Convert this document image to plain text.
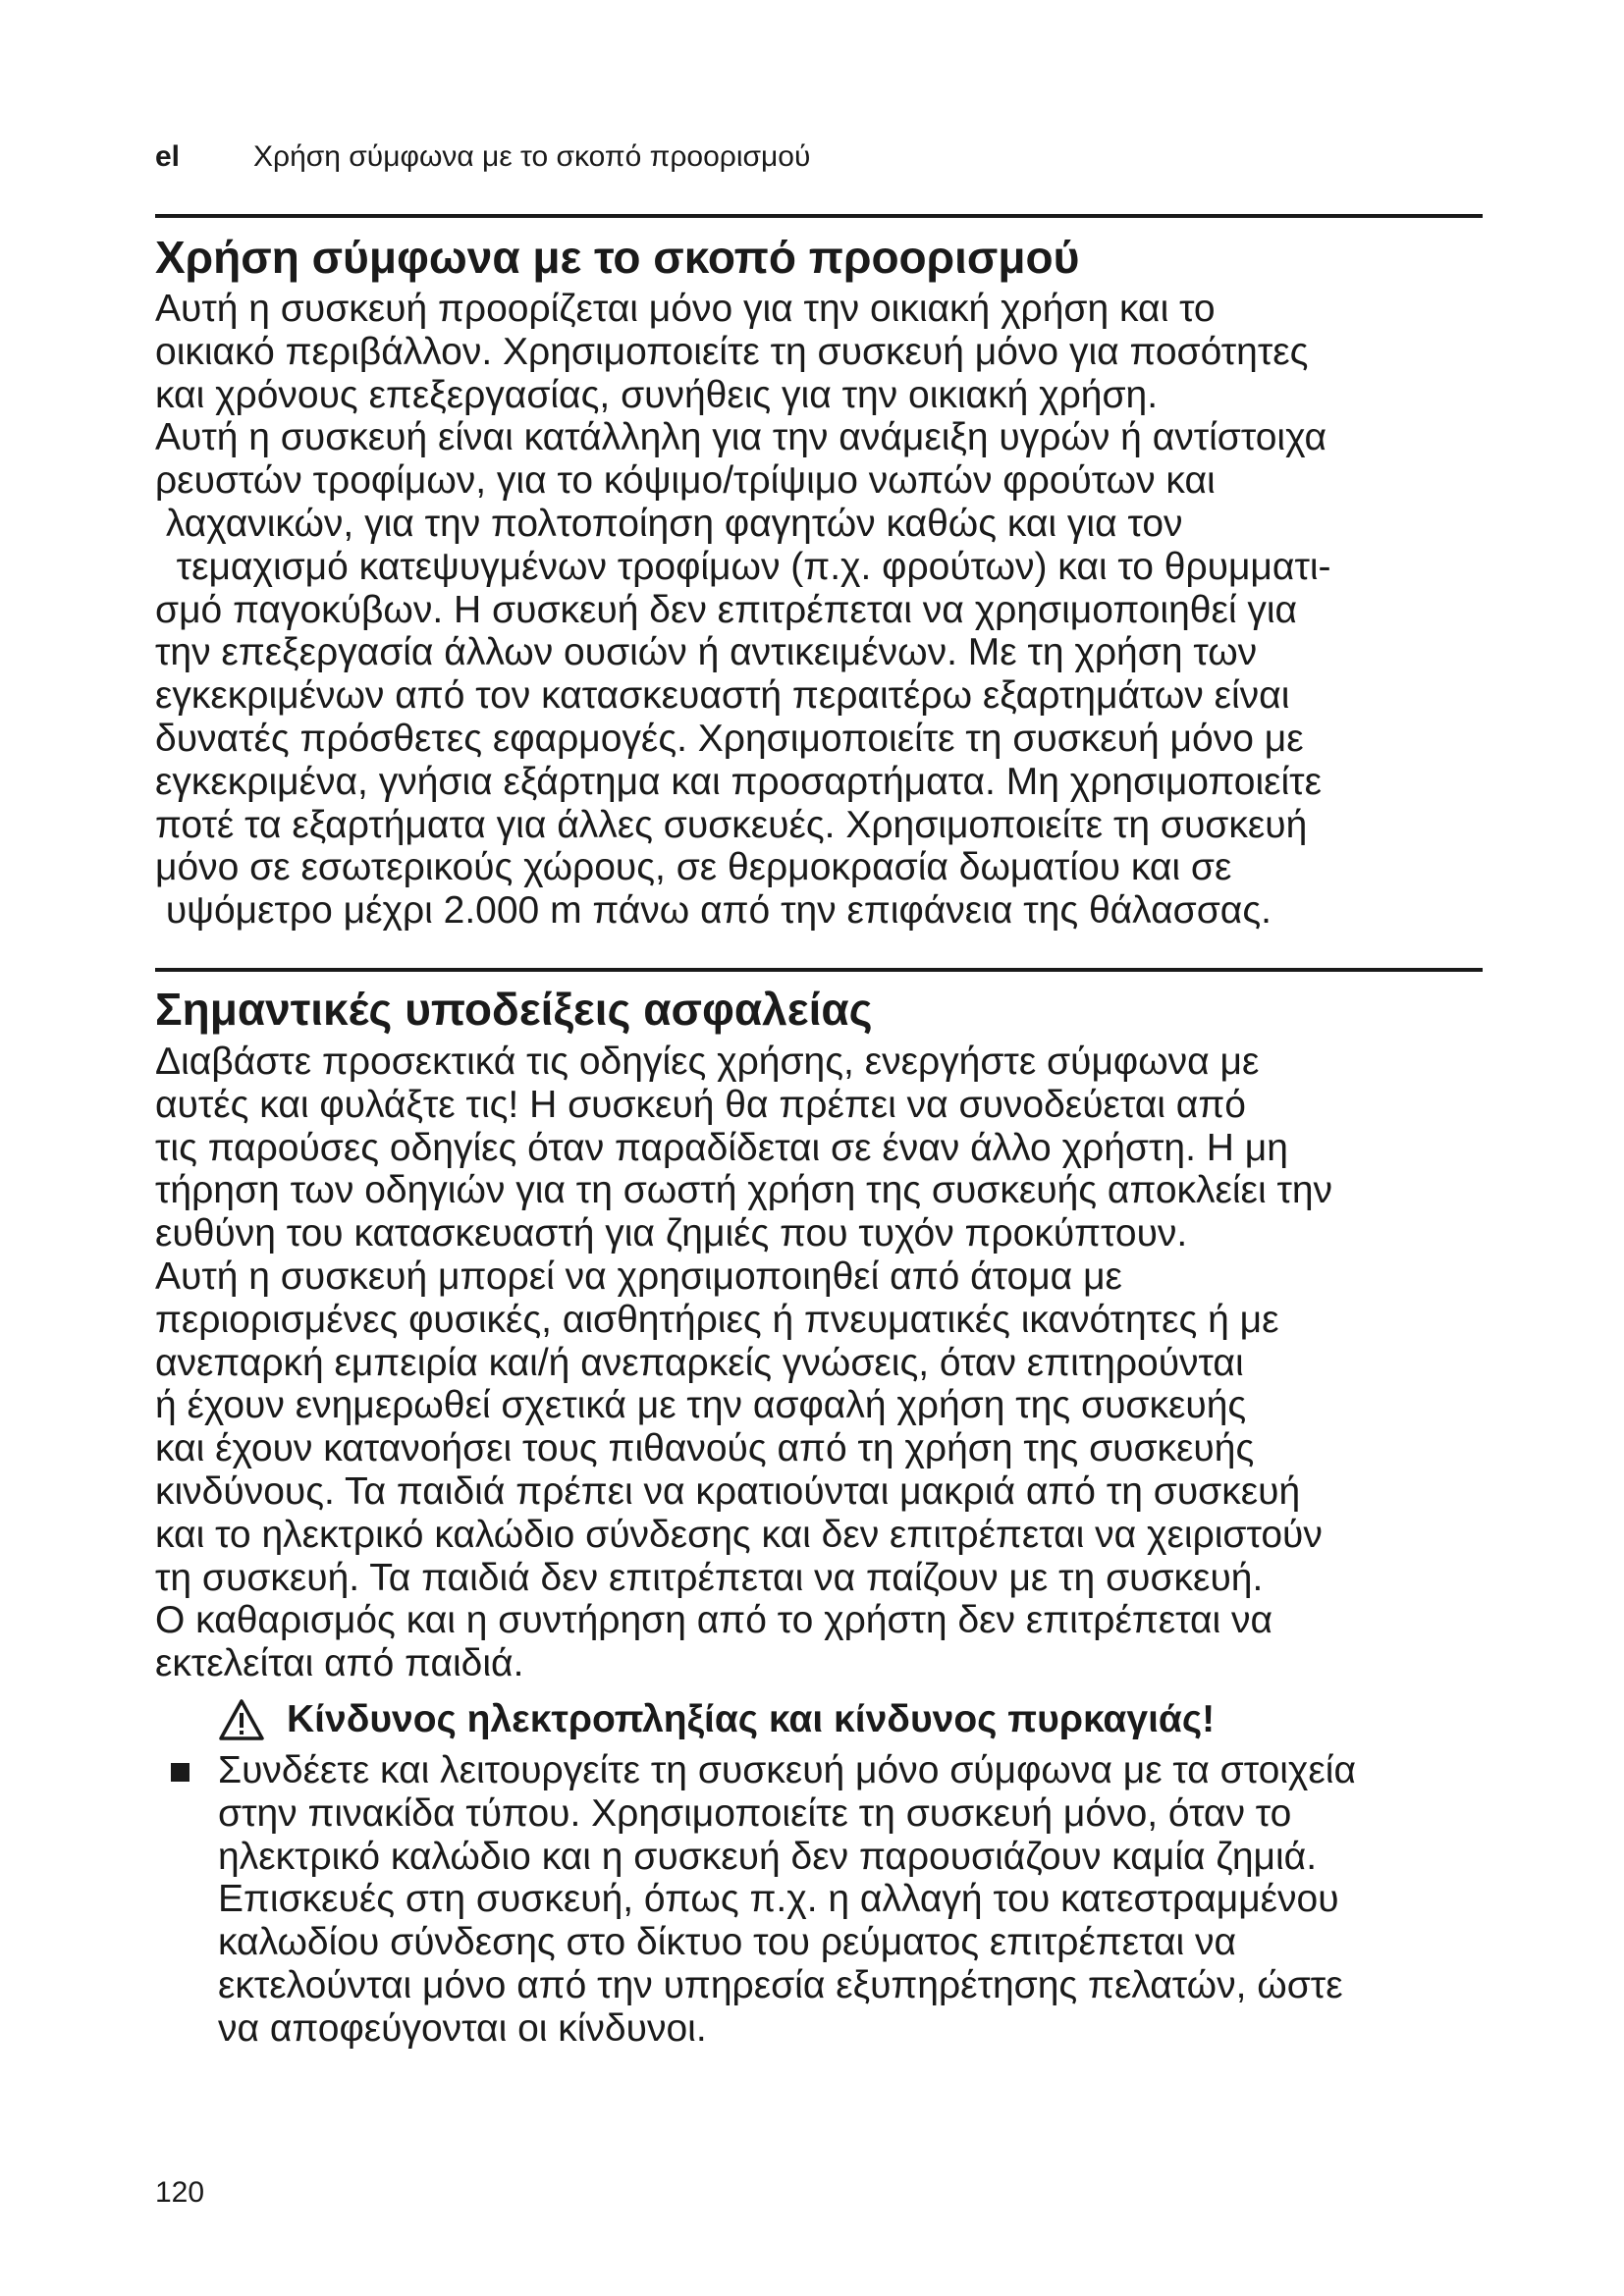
el Χρήση σύμφωνα με το σκοπό προορισμού
Χρήση σύμφωνα με το σκοπό προορισμού
Αυτή η συσκευή προορίζεται μόνο για την οικιακή χρήση και το
οικιακό περιβάλλον. Χρησιμοποιείτε τη συσκευή μόνο για ποσότητες
και χρόνους επεξεργασίας, συνήθεις για την οικιακή χρήση.
Αυτή η συσκευή είναι κατάλληλη για την ανάμειξη υγρών ή αντίστοιχα
ρευστών τροφίμων, για το κόψιμο/τρίψιμο νωπών φρούτων και
λαχανικών, για την πολτοποίηση φαγητών καθώς και για τον
τεμαχισμό κατεψυγμένων τροφίμων (π.χ. φρούτων) και το θρυμματι-
σμό παγοκύβων. Η συσκευή δεν επιτρέπεται να χρησιμοποιηθεί για
την επεξεργασία άλλων ουσιών ή αντικειμένων. Με τη χρήση των
εγκεκριμένων από τον κατασκευαστή περαιτέρω εξαρτημάτων είναι
δυνατές πρόσθετες εφαρμογές. Χρησιμοποιείτε τη συσκευή μόνο με
εγκεκριμένα, γνήσια εξάρτημα και προσαρτήματα. Μη χρησιμοποιείτε
ποτέ τα εξαρτήματα για άλλες συσκευές. Χρησιμοποιείτε τη συσκευή
μόνο σε εσωτερικούς χώρους, σε θερμοκρασία δωματίου και σε
υψόμετρο μέχρι 2.000 m πάνω από την επιφάνεια της θάλασσας.
Σημαντικές υποδείξεις ασφαλείας
Διαβάστε προσεκτικά τις οδηγίες χρήσης, ενεργήστε σύμφωνα με
αυτές και φυλάξτε τις! Η συσκευή θα πρέπει να συνοδεύεται από
τις παρούσες οδηγίες όταν παραδίδεται σε έναν άλλο χρήστη. Η μη
τήρηση των οδηγιών για τη σωστή χρήση της συσκευής αποκλείει την
ευθύνη του κατασκευαστή για ζημιές που τυχόν προκύπτουν.
Αυτή η συσκευή μπορεί να χρησιμοποιηθεί από άτομα με
περιορισμένες φυσικές, αισθητήριες ή πνευματικές ικανότητες ή με
ανεπαρκή εμπειρία και/ή ανεπαρκείς γνώσεις, όταν επιτηρούνται
ή έχουν ενημερωθεί σχετικά με την ασφαλή χρήση της συσκευής
και έχουν κατανοήσει τους πιθανούς από τη χρήση της συσκευής
κινδύνους. Τα παιδιά πρέπει να κρατιούνται μακριά από τη συσκευή
και το ηλεκτρικό καλώδιο σύνδεσης και δεν επιτρέπεται να χειριστούν
τη συσκευή. Τα παιδιά δεν επιτρέπεται να παίζουν με τη συσκευή.
Ο καθαρισμός και η συντήρηση από το χρήστη δεν επιτρέπεται να
εκτελείται από παιδιά.
Κίνδυνος ηλεκτροπληξίας και κίνδυνος πυρκαγιάς!
Συνδέετε και λειτουργείτε τη συσκευή μόνο σύμφωνα με τα στοιχεία
στην πινακίδα τύπου. Χρησιμοποιείτε τη συσκευή μόνο, όταν το
ηλεκτρικό καλώδιο και η συσκευή δεν παρουσιάζουν καμία ζημιά.
Επισκευές στη συσκευή, όπως π.χ. η αλλαγή του κατεστραμμένου
καλωδίου σύνδεσης στο δίκτυο του ρεύματος επιτρέπεται να
εκτελούνται μόνο από την υπηρεσία εξυπηρέτησης πελατών, ώστε
να αποφεύγονται οι κίνδυνοι.
120
